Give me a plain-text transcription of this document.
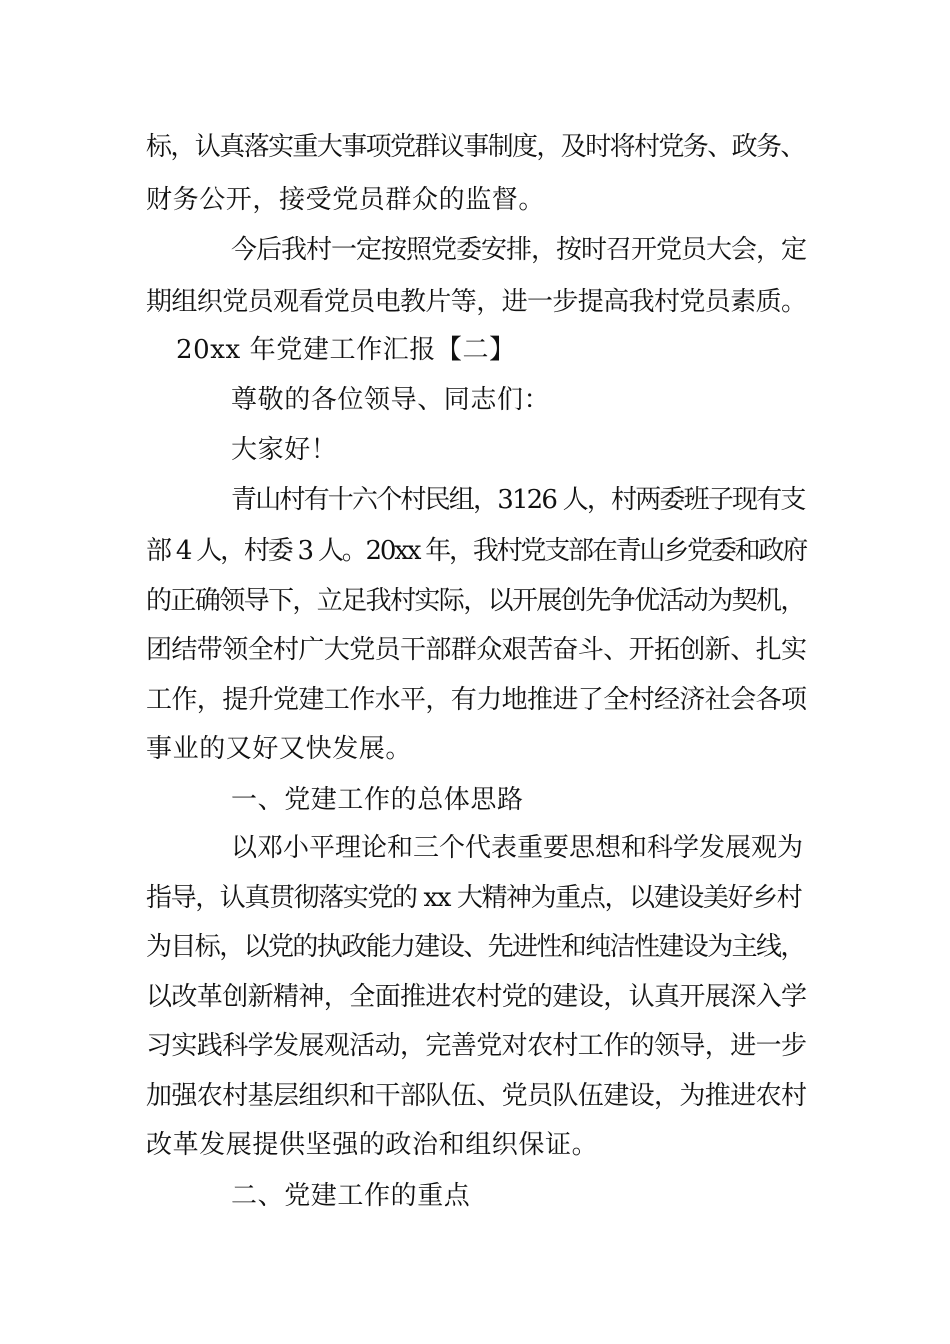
标，认真落实重大事项党群议事制度，及时将村党务、政务、
财务公开，接受党员群众的监督。
今后我村一定按照党委安排，按时召开党员大会，定
期组织党员观看党员电教片等，进一步提高我村党员素质。
20xx 年党建工作汇报【二】
尊敬的各位领导、同志们：
大家好！
青山村有十六个村民组，3126 人，村两委班子现有支
部 4 人，村委 3 人。20xx 年，我村党支部在青山乡党委和政府
的正确领导下，立足我村实际，以开展创先争优活动为契机，
团结带领全村广大党员干部群众艰苦奋斗、开拓创新、扎实
工作，提升党建工作水平，有力地推进了全村经济社会各项
事业的又好又快发展。
一、党建工作的总体思路
以邓小平理论和三个代表重要思想和科学发展观为
指导，认真贯彻落实党的 xx 大精神为重点，以建设美好乡村
为目标，以党的执政能力建设、先进性和纯洁性建设为主线，
以改革创新精神，全面推进农村党的建设，认真开展深入学
习实践科学发展观活动，完善党对农村工作的领导，进一步
加强农村基层组织和干部队伍、党员队伍建设，为推进农村
改革发展提供坚强的政治和组织保证。
二、党建工作的重点
